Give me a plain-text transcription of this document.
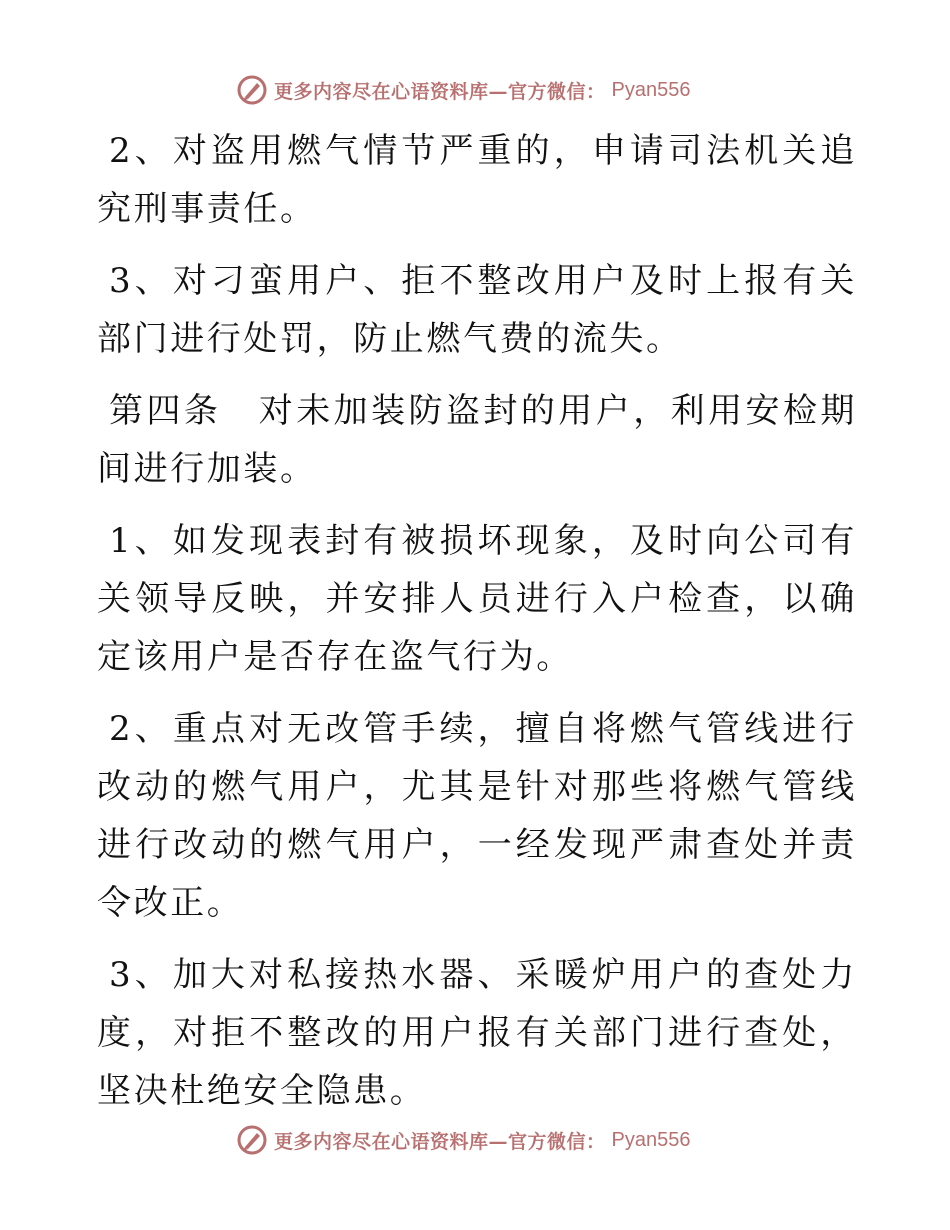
更多内容尽在心语资料库—官方微信： Pyan556

2、对盗用燃气情节严重的，申请司法机关追究刑事责任。

3、对刁蛮用户、拒不整改用户及时上报有关部门进行处罚，防止燃气费的流失。

第四条　对未加装防盗封的用户，利用安检期间进行加装。

1、如发现表封有被损坏现象，及时向公司有关领导反映，并安排人员进行入户检查，以确定该用户是否存在盗气行为。

2、重点对无改管手续，擅自将燃气管线进行改动的燃气用户，尤其是针对那些将燃气管线进行改动的燃气用户，一经发现严肃查处并责令改正。

3、加大对私接热水器、采暖炉用户的查处力度，对拒不整改的用户报有关部门进行查处，坚决杜绝安全隐患。

更多内容尽在心语资料库—官方微信： Pyan556
